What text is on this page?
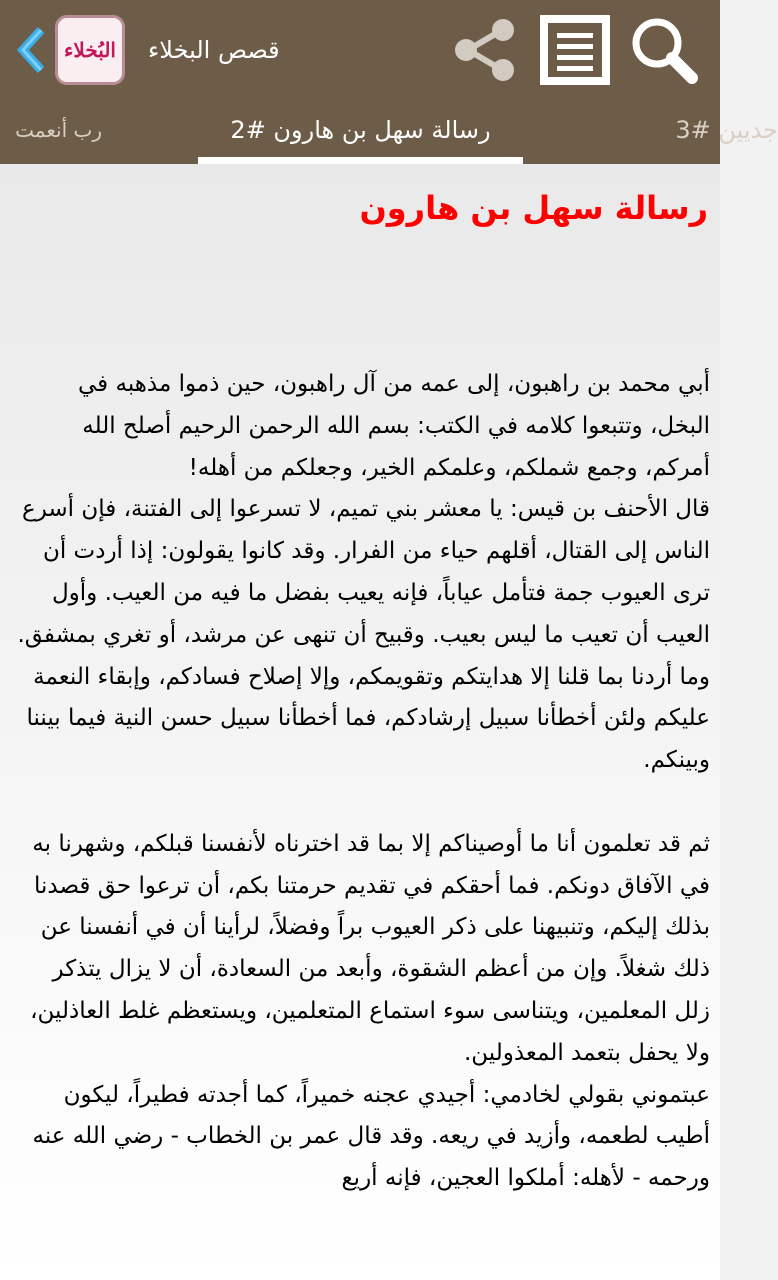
البُخلاء قصص البخلاء
رب أنعمت	رسالة سهل بن هارون #2	جديين #3
رسالة سهل بن هارون

أبي محمد بن راهبون، إلى عمه من آل راهبون، حين ذموا مذهبه في البخل، وتتبعوا كلامه في الكتب: بسم الله الرحمن الرحيم أصلح الله أمركم، وجمع شملكم، وعلمكم الخير، وجعلكم من أهله!

قال الأحنف بن قيس: يا معشر بني تميم، لا تسرعوا إلى الفتنة، فإن أسرع الناس إلى القتال، أقلهم حياء من الفرار. وقد كانوا يقولون: إذا أردت أن ترى العيوب جمة فتأمل عياباً، فإنه يعيب بفضل ما فيه من العيب. وأول العيب أن تعيب ما ليس بعيب. وقبيح أن تنهى عن مرشد، أو تغري بمشفق.

وما أردنا بما قلنا إلا هدايتكم وتقويمكم، وإلا إصلاح فسادكم، وإبقاء النعمة عليكم ولئن أخطأنا سبيل إرشادكم، فما أخطأنا سبيل حسن النية فيما بيننا وبينكم.

ثم قد تعلمون أنا ما أوصيناكم إلا بما قد اخترناه لأنفسنا قبلكم، وشهرنا به في الآفاق دونكم. فما أحقكم في تقديم حرمتنا بكم، أن ترعوا حق قصدنا بذلك إليكم، وتنبيهنا على ذكر العيوب براً وفضلاً، لرأينا أن في أنفسنا عن ذلك شغلاً. وإن من أعظم الشقوة، وأبعد من السعادة، أن لا يزال يتذكر زلل المعلمين، ويتناسى سوء استماع المتعلمين، ويستعظم غلط العاذلين، ولا يحفل بتعمد المعذولين.

عبتموني بقولي لخادمي: أجيدي عجنه خميراً، كما أجدته فطيراً، ليكون أطيب لطعمه، وأزيد في ريعه. وقد قال عمر بن الخطاب - رضي الله عنه ورحمه - لأهله: أملكوا العجين، فإنه أريع
